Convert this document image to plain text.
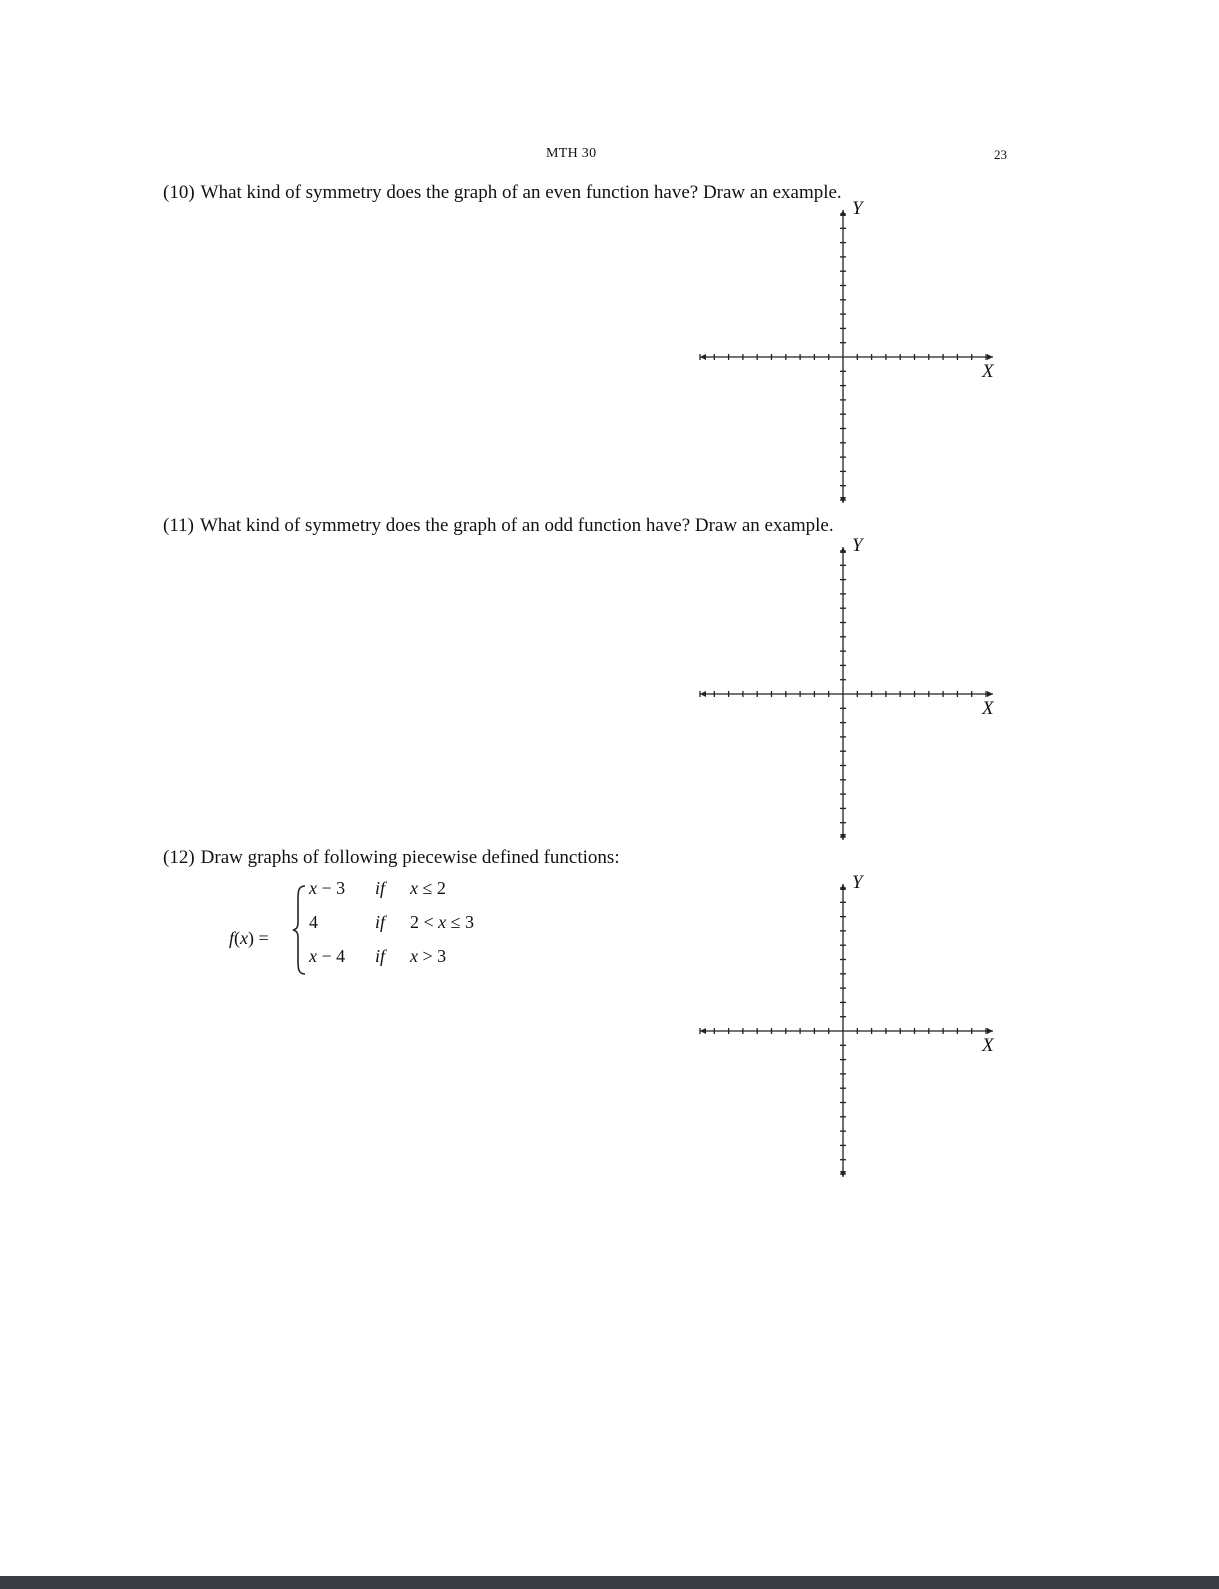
MTH 30	23
(10) What kind of symmetry does the graph of an even function have? Draw an example.
(11) What kind of symmetry does the graph of an odd function have? Draw an example.
(12) Draw graphs of following piecewise defined functions:
f(x) =
x − 3 if x ≤ 2
4	if 2 < x ≤ 3
x − 4 if x > 3
Y
X
Y
X
Y
X
